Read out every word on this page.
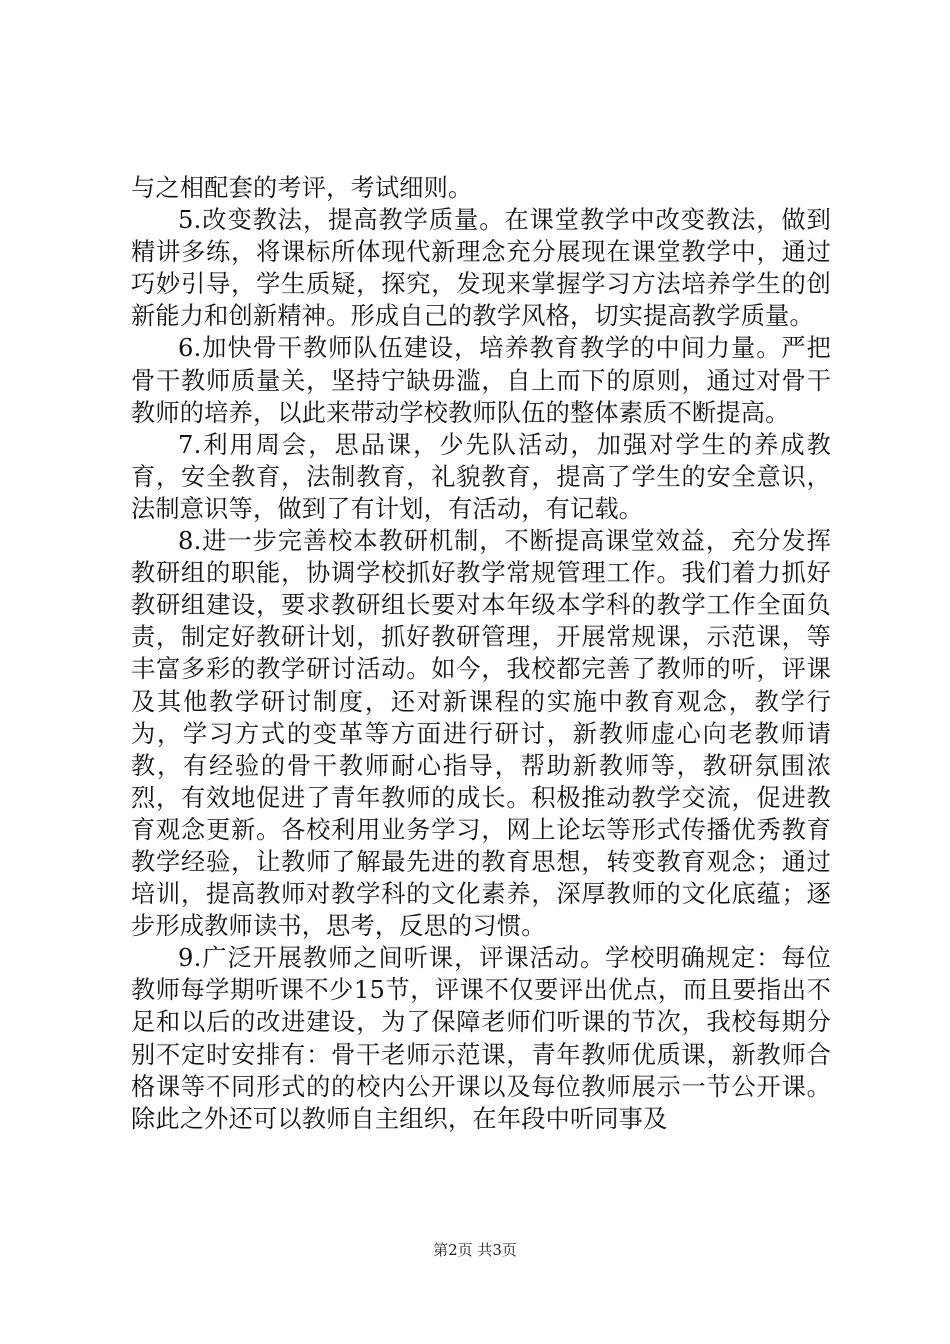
与之相配套的考评，考试细则。

5.改变教法，提高教学质量。在课堂教学中改变教法，做到精讲多练，将课标所体现代新理念充分展现在课堂教学中，通过巧妙引导，学生质疑，探究，发现来掌握学习方法培养学生的创新能力和创新精神。形成自己的教学风格，切实提高教学质量。

6.加快骨干教师队伍建设，培养教育教学的中间力量。严把骨干教师质量关，坚持宁缺毋滥，自上而下的原则，通过对骨干教师的培养，以此来带动学校教师队伍的整体素质不断提高。

7.利用周会，思品课，少先队活动，加强对学生的养成教育，安全教育，法制教育，礼貌教育，提高了学生的安全意识，法制意识等，做到了有计划，有活动，有记载。

8.进一步完善校本教研机制，不断提高课堂效益，充分发挥教研组的职能，协调学校抓好教学常规管理工作。我们着力抓好教研组建设，要求教研组长要对本年级本学科的教学工作全面负责，制定好教研计划，抓好教研管理，开展常规课，示范课，等丰富多彩的教学研讨活动。如今，我校都完善了教师的听，评课及其他教学研讨制度，还对新课程的实施中教育观念，教学行为，学习方式的变革等方面进行研讨，新教师虚心向老教师请教，有经验的骨干教师耐心指导，帮助新教师等，教研氛围浓烈，有效地促进了青年教师的成长。积极推动教学交流，促进教育观念更新。各校利用业务学习，网上论坛等形式传播优秀教育教学经验，让教师了解最先进的教育思想，转变教育观念；通过培训，提高教师对教学科的文化素养，深厚教师的文化底蕴；逐步形成教师读书，思考，反思的习惯。

9.广泛开展教师之间听课，评课活动。学校明确规定：每位教师每学期听课不少15节，评课不仅要评出优点，而且要指出不足和以后的改进建设，为了保障老师们听课的节次，我校每期分别不定时安排有：骨干老师示范课，青年教师优质课，新教师合格课等不同形式的的校内公开课以及每位教师展示一节公开课。除此之外还可以教师自主组织，在年段中听同事及

第2页 共3页
